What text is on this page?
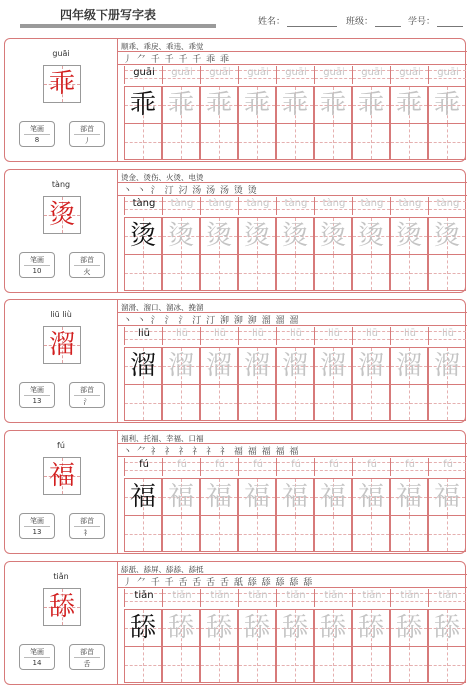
四年级下册写字表	姓名：	班级：	学号：
guāi
乖
笔画
8
部首
丿
顺乖、乖戾、乖违、乖觉
丿 ⺈ 千 千 千 千 乖 乖
guāi
乖
guāi
乖
guāi
乖
guāi
乖
guāi
乖
guāi
乖
guāi
乖
guāi
乖
guāi
乖
tàng
烫
笔画
10
部首
火
烫金、烫伤、火烫、电烫
丶 丶 氵 汀 汈 汤 汤 汤 烫 烫
tàng
烫
tàng
烫
tàng
烫
tàng
烫
tàng
烫
tàng
烫
tàng
烫
tàng
烫
tàng
烫
liū liù
溜
笔画
13
部首
氵
溜滑、溜口、溜冰、挽溜
丶 丶 氵 氵 氵 汀 汀 泖 泖 泖 溜 溜 溜
liū
溜
liū
溜
liū
溜
liū
溜
liū
溜
liū
溜
liū
溜
liū
溜
liū
溜
fú
福
笔画
13
部首
礻
福利、托福、幸福、口福
丶 ⺈ 礻 礻 礻 礻 礻 礻 福 福 福 福 福
fú
福
fú
福
fú
福
fú
福
fú
福
fú
福
fú
福
fú
福
fú
福
tiǎn
舔
笔画
14
部首
舌
舔舐、舔屏、舔舔、舔抵
丿 ⺈ 千 千 舌 舌 舌 舌 舐 舔 舔 舔 舔 舔
tiǎn
舔
tiǎn
舔
tiǎn
舔
tiǎn
舔
tiǎn
舔
tiǎn
舔
tiǎn
舔
tiǎn
舔
tiǎn
舔
